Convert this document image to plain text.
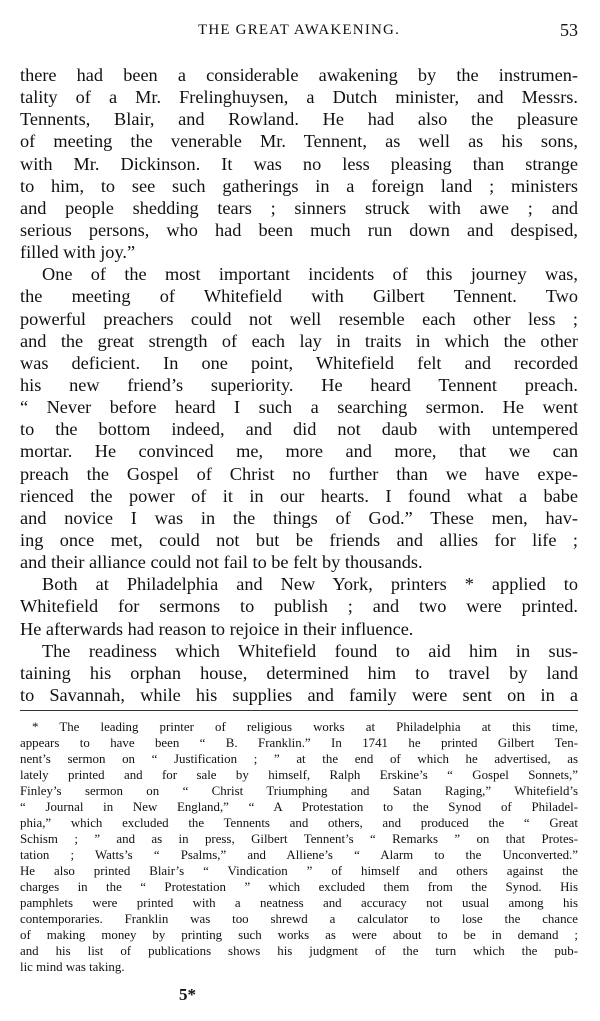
THE GREAT AWAKENING.	53
there had been a considerable awakening by the instrumen-
tality of a Mr. Frelinghuysen, a Dutch minister, and Messrs.
Tennents, Blair, and Rowland. He had also the pleasure
of meeting the venerable Mr. Tennent, as well as his sons,
with Mr. Dickinson. It was no less pleasing than strange
to him, to see such gatherings in a foreign land ; ministers
and people shedding tears ; sinners struck with awe ; and
serious persons, who had been much run down and despised,
filled with joy.”
One of the most important incidents of this journey was,
the meeting of Whitefield with Gilbert Tennent. Two
powerful preachers could not well resemble each other less ;
and the great strength of each lay in traits in which the other
was deficient. In one point, Whitefield felt and recorded
his new friend’s superiority. He heard Tennent preach.
“ Never before heard I such a searching sermon. He went
to the bottom indeed, and did not daub with untempered
mortar. He convinced me, more and more, that we can
preach the Gospel of Christ no further than we have expe-
rienced the power of it in our hearts. I found what a babe
and novice I was in the things of God.” These men, hav-
ing once met, could not but be friends and allies for life ;
and their alliance could not fail to be felt by thousands.
Both at Philadelphia and New York, printers * applied to
Whitefield for sermons to publish ; and two were printed.
He afterwards had reason to rejoice in their influence.
The readiness which Whitefield found to aid him in sus-
taining his orphan house, determined him to travel by land
to Savannah, while his supplies and family were sent on in a
* The leading printer of religious works at Philadelphia at this time,
appears to have been “ B. Franklin.” In 1741 he printed Gilbert Ten-
nent’s sermon on “ Justification ; ” at the end of which he advertised, as
lately printed and for sale by himself, Ralph Erskine’s “ Gospel Sonnets,”
Finley’s sermon on “ Christ Triumphing and Satan Raging,” Whitefield’s
“ Journal in New England,” “ A Protestation to the Synod of Philadel-
phia,” which excluded the Tennents and others, and produced the “ Great
Schism ; ” and as in press, Gilbert Tennent’s “ Remarks ” on that Protes-
tation ; Watts’s “ Psalms,” and Alliene’s “ Alarm to the Unconverted.”
He also printed Blair’s “ Vindication ” of himself and others against the
charges in the “ Protestation ” which excluded them from the Synod. His
pamphlets were printed with a neatness and accuracy not usual among his
contemporaries. Franklin was too shrewd a calculator to lose the chance
of making money by printing such works as were about to be in demand ;
and his list of publications shows his judgment of the turn which the pub-
lic mind was taking.
5*
